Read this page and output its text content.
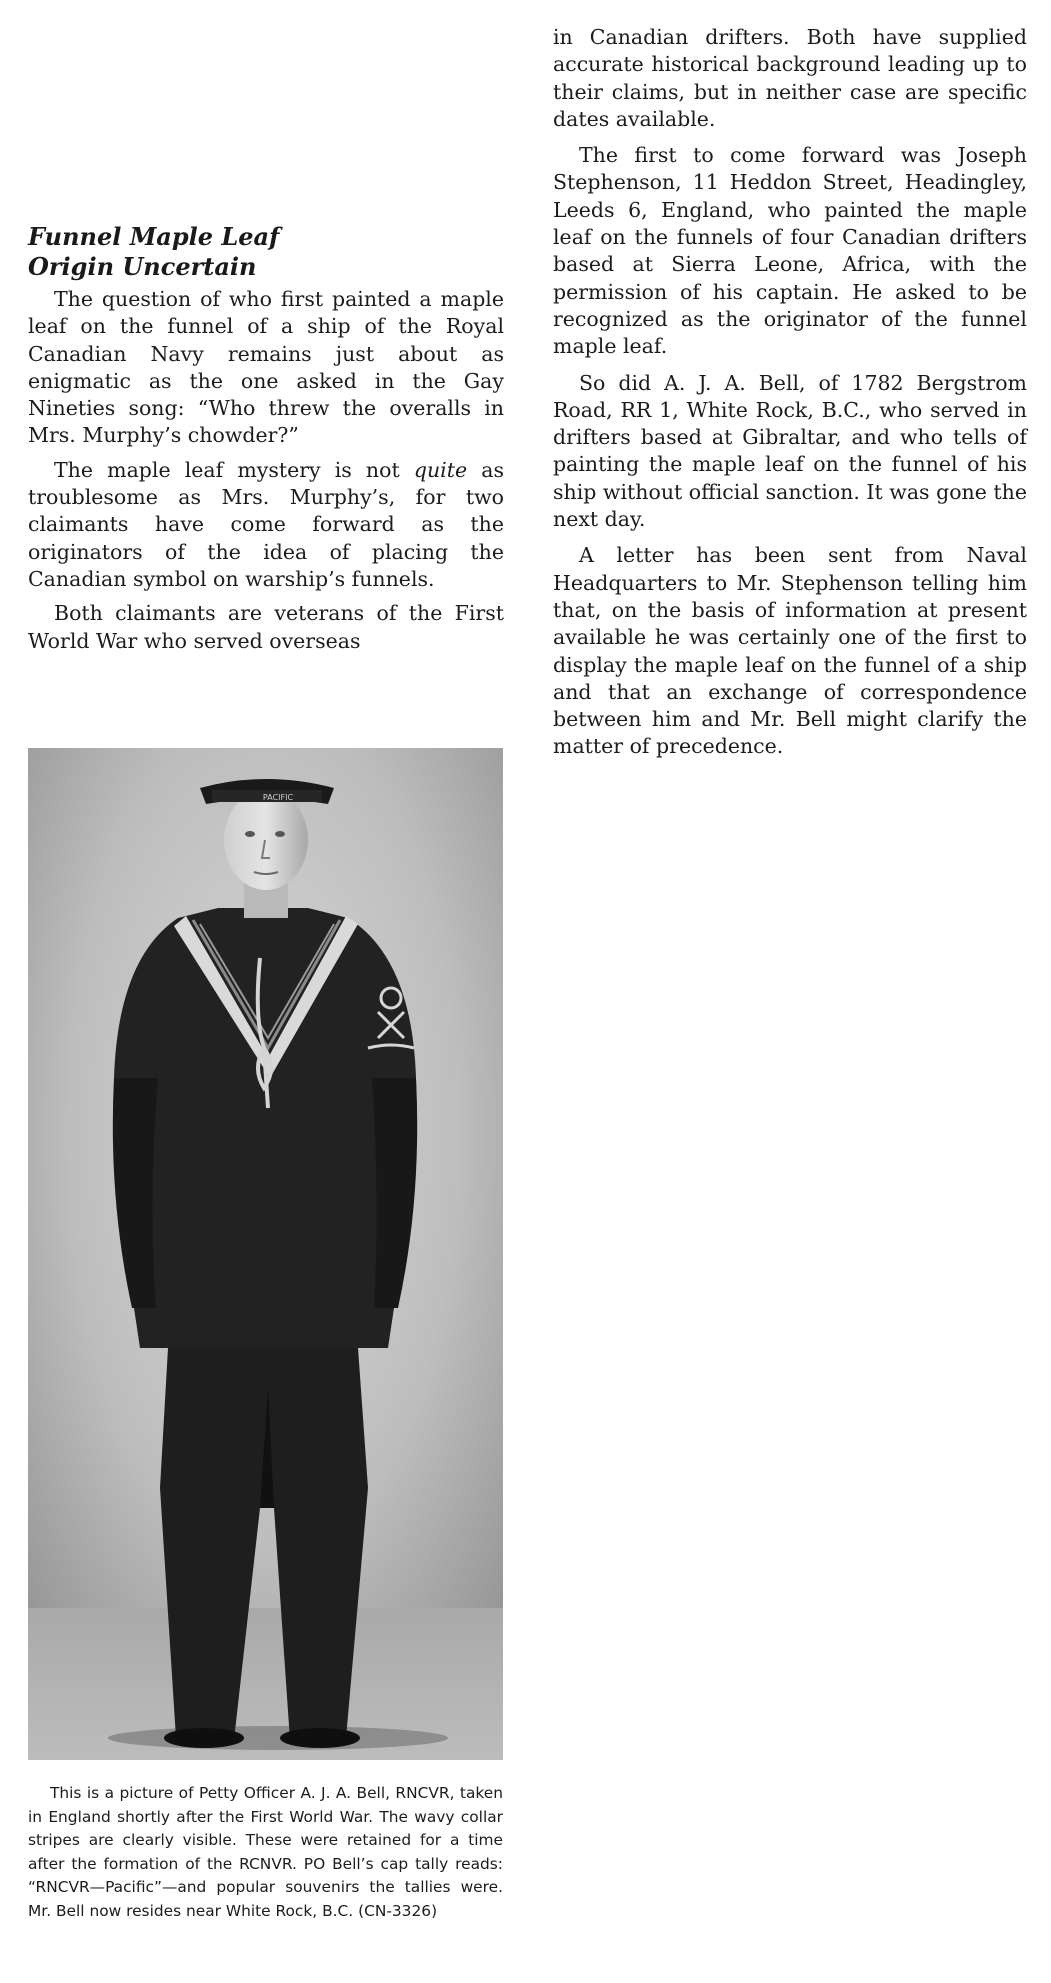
Funnel Maple Leaf
Origin Uncertain

The question of who first painted a maple leaf on the funnel of a ship of the Royal Canadian Navy remains just about as enigmatic as the one asked in the Gay Nineties song: “Who threw the overalls in Mrs. Murphy’s chowder?”

The maple leaf mystery is not quite as troublesome as Mrs. Murphy’s, for two claimants have come forward as the originators of the idea of placing the Canadian symbol on warship’s funnels.

Both claimants are veterans of the First World War who served overseas

in Canadian drifters. Both have supplied accurate historical background leading up to their claims, but in neither case are specific dates available.

The first to come forward was Joseph Stephenson, 11 Heddon Street, Headingley, Leeds 6, England, who painted the maple leaf on the funnels of four Canadian drifters based at Sierra Leone, Africa, with the permission of his captain. He asked to be recognized as the originator of the funnel maple leaf.

So did A. J. A. Bell, of 1782 Bergstrom Road, RR 1, White Rock, B.C., who served in drifters based at Gibraltar, and who tells of painting the maple leaf on the funnel of his ship without official sanction. It was gone the next day.

A letter has been sent from Naval Headquarters to Mr. Stephenson telling him that, on the basis of information at present available he was certainly one of the first to display the maple leaf on the funnel of a ship and that an exchange of correspondence between him and Mr. Bell might clarify the matter of precedence.

PACIFIC
This is a picture of Petty Officer A. J. A. Bell, RNCVR, taken in England shortly after the First World War. The wavy collar stripes are clearly visible. These were retained for a time after the formation of the RCNVR. PO Bell’s cap tally reads: “RNCVR—Pacific”—and popular souvenirs the tallies were. Mr. Bell now resides near White Rock, B.C. (CN-3326)
